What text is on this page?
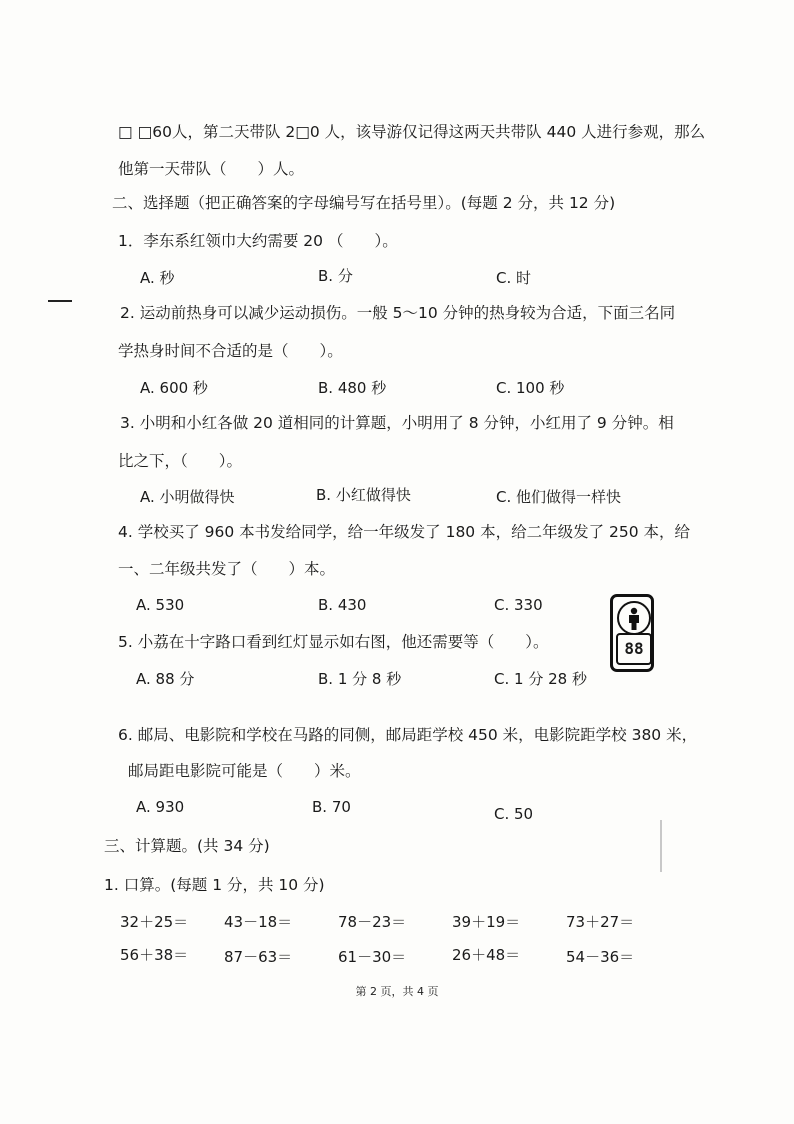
□ □60人，第二天带队 2□0 人，该导游仅记得这两天共带队 440 人进行参观，那么
他第一天带队（　　）人。
二、选择题（把正确答案的字母编号写在括号里）。(每题 2 分，共 12 分)
1．李东系红领巾大约需要 20 （　　）。
A. 秒	B. 分	C. 时
2. 运动前热身可以减少运动损伤。一般 5～10 分钟的热身较为合适，下面三名同
学热身时间不合适的是（　　）。
A. 600 秒	B. 480 秒	C. 100 秒
3. 小明和小红各做 20 道相同的计算题，小明用了 8 分钟，小红用了 9 分钟。相
比之下，（　　）。
A. 小明做得快	B. 小红做得快	C. 他们做得一样快
4. 学校买了 960 本书发给同学，给一年级发了 180 本，给二年级发了 250 本，给
一、二年级共发了（　　）本。
A. 530	B. 430	C. 330
88
5. 小荔在十字路口看到红灯显示如右图，他还需要等（　　）。
A. 88 分	B. 1 分 8 秒	C. 1 分 28 秒
6. 邮局、电影院和学校在马路的同侧，邮局距学校 450 米，电影院距学校 380 米，
邮局距电影院可能是（　　）米。
A. 930	B. 70	C. 50
三、计算题。(共 34 分)
1. 口算。(每题 1 分，共 10 分)
32＋25＝ 43－18＝	78－23＝	39＋19＝	73＋27＝
56＋38＝ 87－63＝	61－30＝	26＋48＝	54－36＝
第 2 页，共 4 页
